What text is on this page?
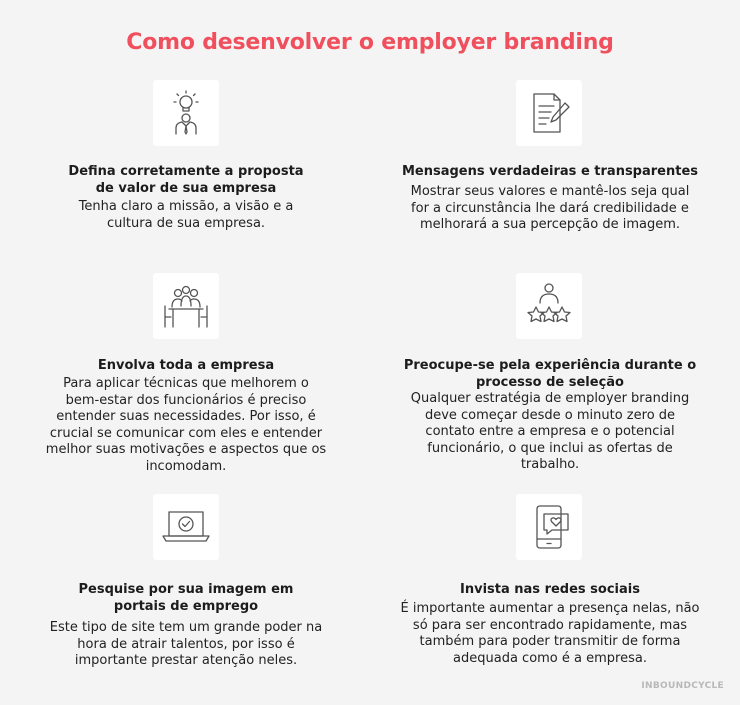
Como desenvolver o employer branding
Defina corretamente a proposta
de valor de sua empresa
Tenha claro a missão, a visão e a
cultura de sua empresa.
Mensagens verdadeiras e transparentes
Mostrar seus valores e mantê-los seja qual
for a circunstância lhe dará credibilidade e
melhorará a sua percepção de imagem.
Envolva toda a empresa
Para aplicar técnicas que melhorem o
bem-estar dos funcionários é preciso
entender suas necessidades. Por isso, é
crucial se comunicar com eles e entender
melhor suas motivações e aspectos que os
incomodam.
Preocupe-se pela experiência durante o
processo de seleção
Qualquer estratégia de employer branding
deve começar desde o minuto zero de
contato entre a empresa e o potencial
funcionário, o que inclui as ofertas de
trabalho.
Pesquise por sua imagem em
portais de emprego
Este tipo de site tem um grande poder na
hora de atrair talentos, por isso é
importante prestar atenção neles.
Invista nas redes sociais
É importante aumentar a presença nelas, não
só para ser encontrado rapidamente, mas
também para poder transmitir de forma
adequada como é a empresa.
INBOUNDCYCLE
